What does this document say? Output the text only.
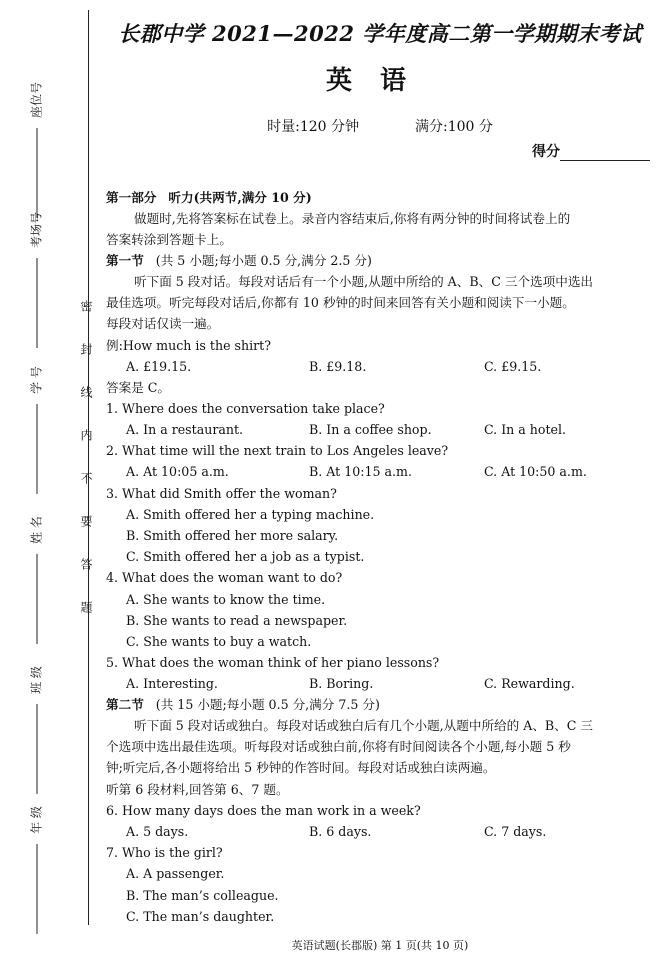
座位号
考场号
学 号
姓 名
班 级
年 级
密封线内不要答题
长郡中学 2021—2022 学年度高二第一学期期末考试
英语
时量:120 分钟	满分:100 分
得分
第一部分 听力(共两节,满分 10 分)
做题时,先将答案标在试卷上。录音内容结束后,你将有两分钟的时间将试卷上的
答案转涂到答题卡上。
第一节 (共 5 小题;每小题 0.5 分,满分 2.5 分)
听下面 5 段对话。每段对话后有一个小题,从题中所给的 A、B、C 三个选项中选出
最佳选项。听完每段对话后,你都有 10 秒钟的时间来回答有关小题和阅读下一小题。
每段对话仅读一遍。
例:How much is the shirt?
A. £19.15.	B. £9.18.	C. £9.15.
答案是 C。
1. Where does the conversation take place?
A. In a restaurant.	B. In a coffee shop.	C. In a hotel.
2. What time will the next train to Los Angeles leave?
A. At 10:05 a.m.	B. At 10:15 a.m.	C. At 10:50 a.m.
3. What did Smith offer the woman?
A. Smith offered her a typing machine.
B. Smith offered her more salary.
C. Smith offered her a job as a typist.
4. What does the woman want to do?
A. She wants to know the time.
B. She wants to read a newspaper.
C. She wants to buy a watch.
5. What does the woman think of her piano lessons?
A. Interesting.	B. Boring.	C. Rewarding.
第二节 (共 15 小题;每小题 0.5 分,满分 7.5 分)
听下面 5 段对话或独白。每段对话或独白后有几个小题,从题中所给的 A、B、C 三
个选项中选出最佳选项。听每段对话或独白前,你将有时间阅读各个小题,每小题 5 秒
钟;听完后,各小题将给出 5 秒钟的作答时间。每段对话或独白读两遍。
听第 6 段材料,回答第 6、7 题。
6. How many days does the man work in a week?
A. 5 days.	B. 6 days.	C. 7 days.
7. Who is the girl?
A. A passenger.
B. The man’s colleague.
C. The man’s daughter.
英语试题(长郡版) 第 1 页(共 10 页)
